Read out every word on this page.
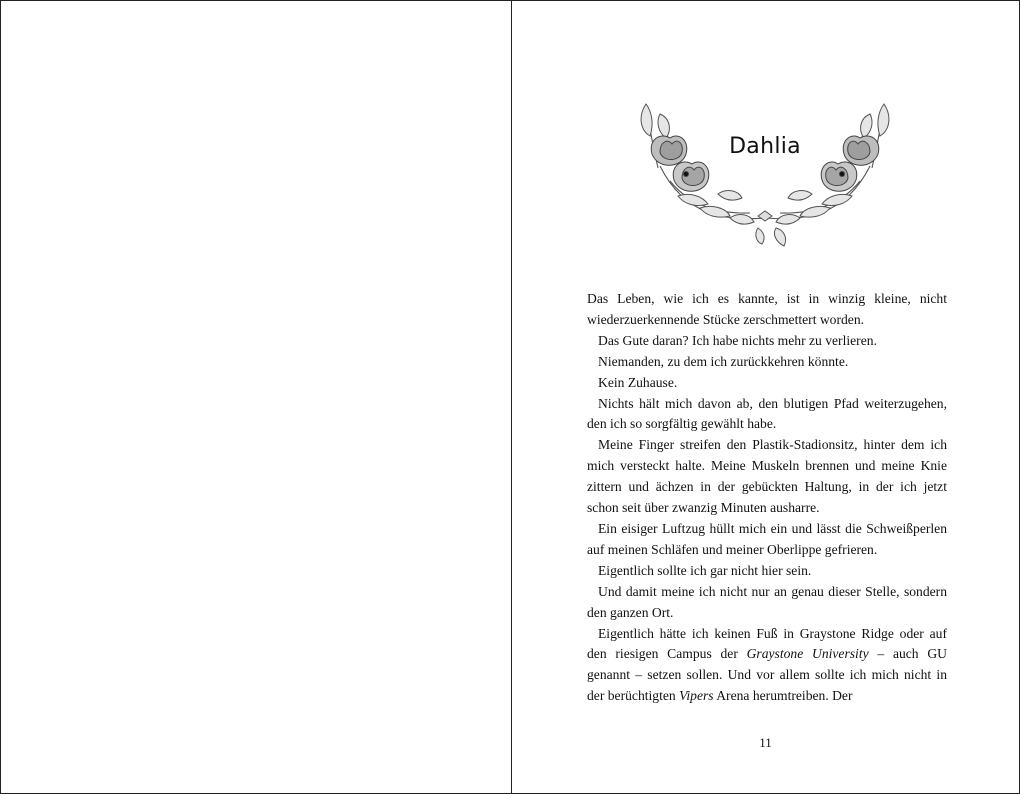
Dahlia

Das Leben, wie ich es kannte, ist in winzig kleine, nicht wiederzuerkennende Stücke zerschmettert worden.

Das Gute daran? Ich habe nichts mehr zu verlieren.

Niemanden, zu dem ich zurückkehren könnte.

Kein Zuhause.

Nichts hält mich davon ab, den blutigen Pfad weiterzugehen, den ich so sorgfältig gewählt habe.

Meine Finger streifen den Plastik-Stadionsitz, hinter dem ich mich versteckt halte. Meine Muskeln brennen und meine Knie zittern und ächzen in der gebückten Haltung, in der ich jetzt schon seit über zwanzig Minuten ausharre.

Ein eisiger Luftzug hüllt mich ein und lässt die Schweißperlen auf meinen Schläfen und meiner Oberlippe gefrieren.

Eigentlich sollte ich gar nicht hier sein.

Und damit meine ich nicht nur an genau dieser Stelle, sondern den ganzen Ort.

Eigentlich hätte ich keinen Fuß in Graystone Ridge oder auf den riesigen Campus der Graystone University – auch GU genannt – setzen sollen. Und vor allem sollte ich mich nicht in der berüchtigten Vipers Arena herumtreiben. Der

11
